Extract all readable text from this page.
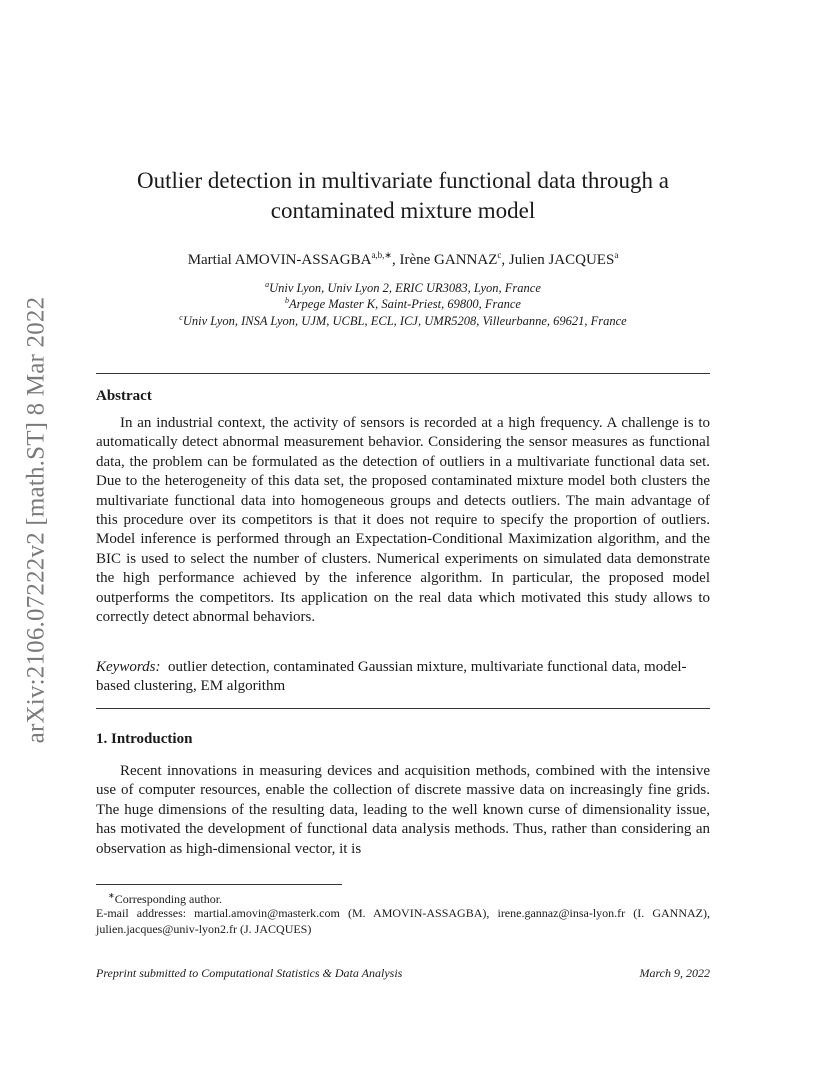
arXiv:2106.07222v2 [math.ST] 8 Mar 2022
Outlier detection in multivariate functional data through a contaminated mixture model
Martial AMOVIN-$ASSAGBA^{a,b,∗}$, Irène GANNAZ$^c$, Julien JACQUES$^a$
$^a$Univ Lyon, Univ Lyon 2, ERIC UR3083, Lyon, France
$^b$Arpege Master K, Saint-Priest, 69800, France
$^c$Univ Lyon, INSA Lyon, UJM, UCBL, ECL, ICJ, UMR5208, Villeurbanne, 69621, France
Abstract

In an industrial context, the activity of sensors is recorded at a high frequency. A challenge is to automatically detect abnormal measurement behavior. Considering the sensor measures as functional data, the problem can be formulated as the detection of outliers in a multivariate functional data set. Due to the heterogeneity of this data set, the proposed contaminated mixture model both clusters the multivariate functional data into homogeneous groups and detects outliers. The main advantage of this procedure over its competitors is that it does not require to specify the proportion of outliers. Model inference is performed through an Expectation-Conditional Maximization algorithm, and the BIC is used to select the number of clusters. Numerical experiments on simulated data demonstrate the high performance achieved by the inference algorithm. In particular, the proposed model outperforms the competitors. Its application on the real data which motivated this study allows to correctly detect abnormal behaviors.

Keywords: outlier detection, contaminated Gaussian mixture, multivariate functional data, model-based clustering, EM algorithm

1. Introduction

Recent innovations in measuring devices and acquisition methods, combined with the intensive use of computer resources, enable the collection of discrete massive data on increasingly fine grids. The huge dimensions of the resulting data, leading to the well known curse of dimensionality issue, has motivated the development of functional data analysis methods. Thus, rather than considering an observation as high-dimensional vector, it is

∗Corresponding author.

E-mail addresses: martial.amovin@masterk.com (M. AMOVIN-ASSAGBA), irene.gannaz@insa-lyon.fr (I. GANNAZ), julien.jacques@univ-lyon2.fr (J. JACQUES)

Preprint submitted to Computational Statistics & Data Analysis	March 9, 2022
